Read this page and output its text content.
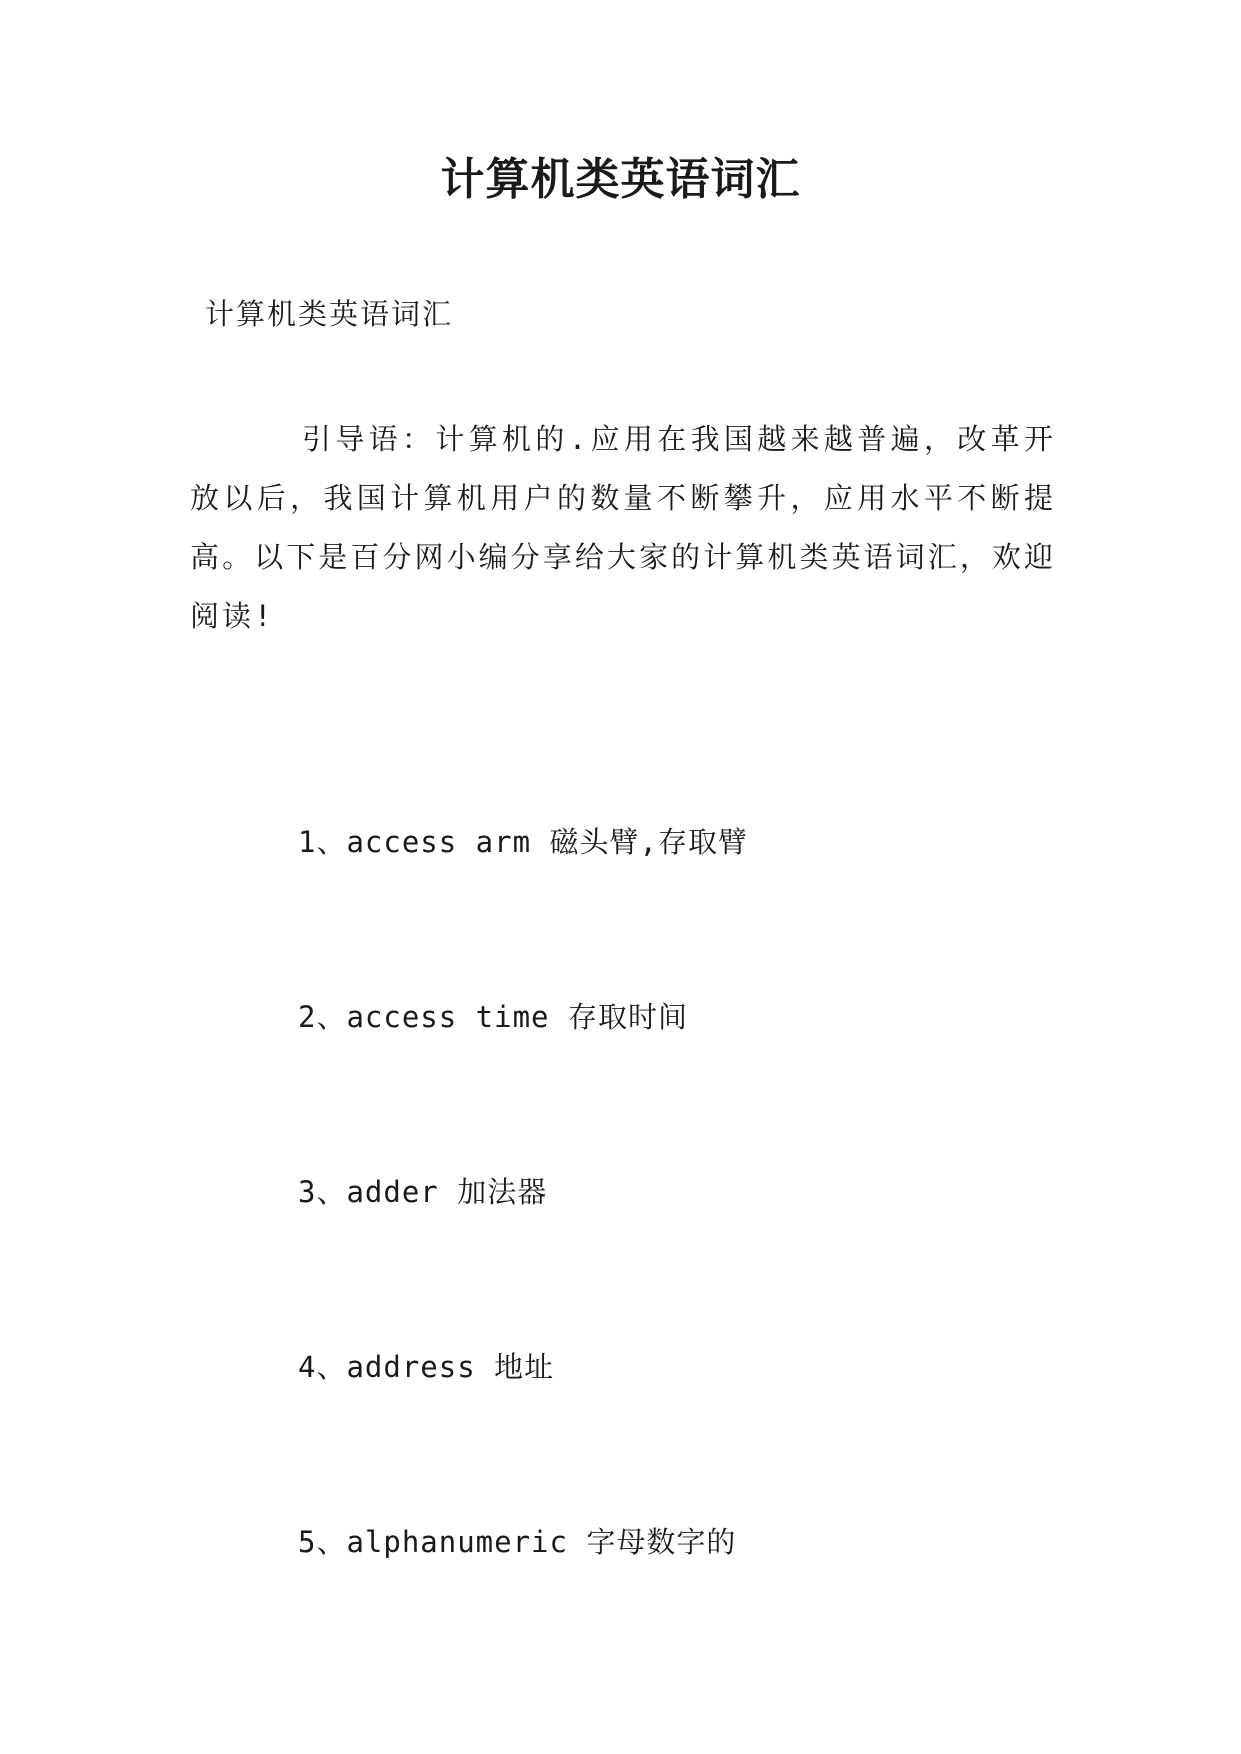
计算机类英语词汇
计算机类英语词汇

引导语：计算机的.应用在我国越来越普遍，改革开放以后，我国计算机用户的数量不断攀升，应用水平不断提高。以下是百分网小编分享给大家的计算机类英语词汇，欢迎阅读!

1、access arm 磁头臂,存取臂
2、access time 存取时间
3、adder 加法器
4、address 地址
5、alphanumeric 字母数字的
